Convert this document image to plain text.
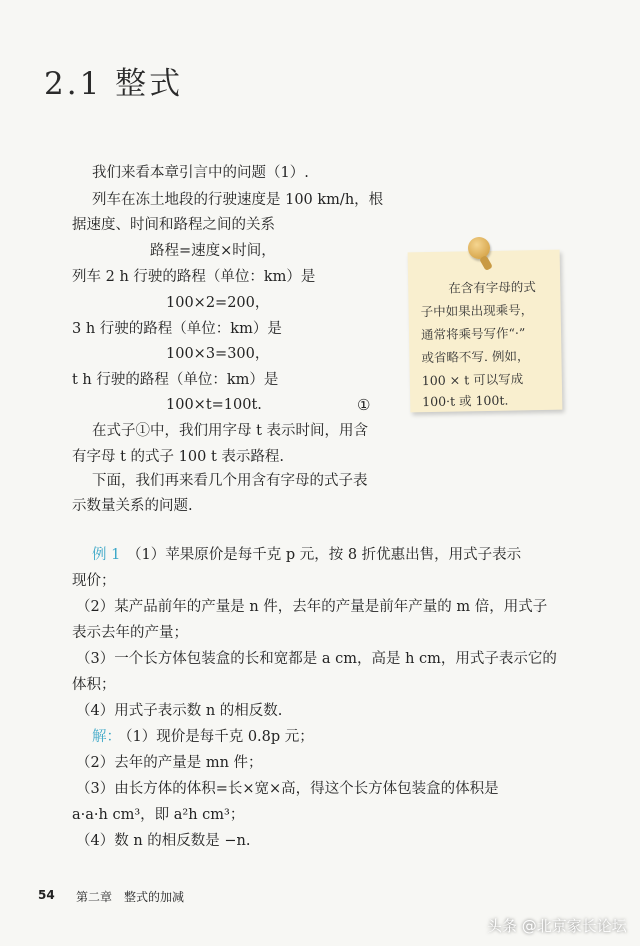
2.1 整式
我们来看本章引言中的问题（1）.
列车在冻土地段的行驶速度是 100 km/h，根
据速度、时间和路程之间的关系
路程=速度×时间，
列车 2 h 行驶的路程（单位：km）是
100×2=200，
3 h 行驶的路程（单位：km）是
100×3=300，
t h 行驶的路程（单位：km）是
100×t=100t.	①
在式子①中，我们用字母 t 表示时间，用含
有字母 t 的式子 100 t 表示路程.
下面，我们再来看几个用含有字母的式子表
示数量关系的问题.
在含有字母的式
子中如果出现乘号，
通常将乘号写作“·”
或省略不写. 例如，
100 × t 可以写成
100·t 或 100t.
例 1 （1）苹果原价是每千克 p 元，按 8 折优惠出售，用式子表示
现价；
（2）某产品前年的产量是 n 件，去年的产量是前年产量的 m 倍，用式子
表示去年的产量；
（3）一个长方体包装盒的长和宽都是 a cm，高是 h cm，用式子表示它的
体积；
（4）用式子表示数 n 的相反数.
解：
（1）现价是每千克 0.8p 元；
（2）去年的产量是 mn 件；
（3）由长方体的体积=长×宽×高，得这个长方体包装盒的体积是
a·a·h cm³，即 a²h cm³；
（4）数 n 的相反数是 −n.
54 第二章　整式的加减
头条 @北京家长论坛
